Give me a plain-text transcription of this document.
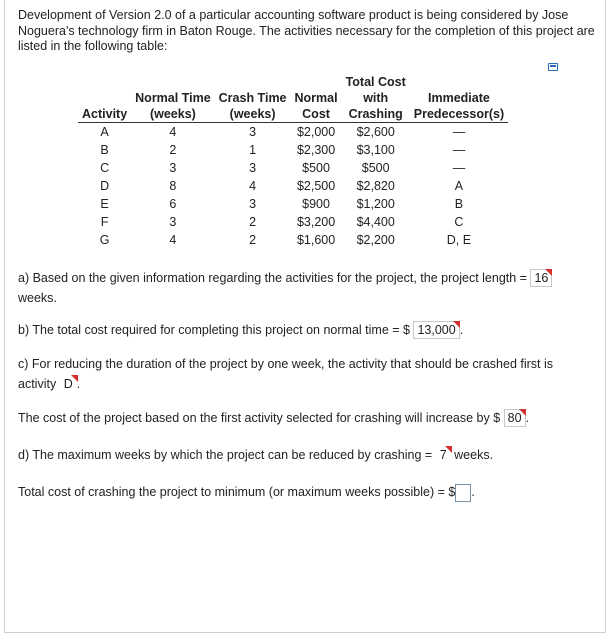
Development of Version 2.0 of a particular accounting software product is being considered by Jose Noguera's technology firm in Baton Rouge. The activities necessary for the completion of this project are listed in the following table:
				Total Cost	
	Normal Time	Crash Time	Normal	with	Immediate
Activity	(weeks)	(weeks)	Cost	Crashing	Predecessor(s)
A	4	3	$2,000	$2,600	—
B	2	1	$2,300	$3,100	—
C	3	3	$500	$500	—
D	8	4	$2,500	$2,820	A
E	6	3	$900	$1,200	B
F	3	2	$3,200	$4,400	C
G	4	2	$1,600	$2,200	D, E
a) Based on the given information regarding the activities for the project, the project length = 16
weeks.
b) The total cost required for completing this project on normal time = $ 13,000 .
c) For reducing the duration of the project by one week, the activity that should be crashed first is activity D .
The cost of the project based on the first activity selected for crashing will increase by $ 80 .
d) The maximum weeks by which the project can be reduced by crashing = 7 weeks.
Total cost of crashing the project to minimum (or maximum weeks possible) = $ .
